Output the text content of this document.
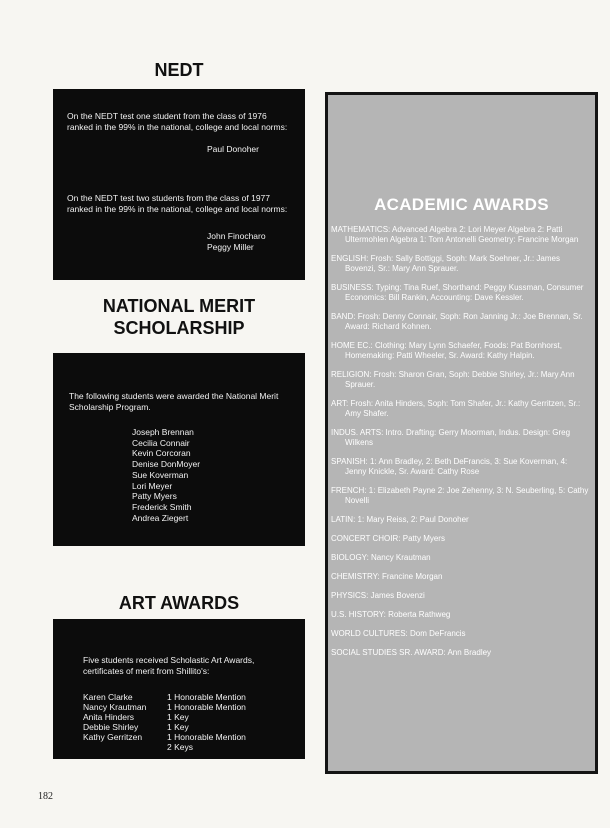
NEDT

On the NEDT test one student from the class of 1976 ranked in the 99% in the national, college and local norms:

Paul Donoher

On the NEDT test two students from the class of 1977 ranked in the 99% in the national, college and local norms:

John Finocharo
Peggy Miller
NATIONAL MERIT
SCHOLARSHIP

The following students were awarded the National Merit Scholarship Program.

Joseph Brennan
Cecilia Connair
Kevin Corcoran
Denise DonMoyer
Sue Koverman
Lori Meyer
Patty Myers
Frederick Smith
Andrea Ziegert
ART AWARDS

Five students received Scholastic Art Awards, certificates of merit from Shillito's:

Karen Clarke	1 Honorable Mention
Nancy Krautman	1 Honorable Mention
Anita Hinders	1 Key
Debbie Shirley	1 Key
Kathy Gerritzen	1 Honorable Mention
	2 Keys
ACADEMIC AWARDS
MATHEMATICS: Advanced Algebra 2: Lori Meyer Algebra 2: Patti Ultermohlen Algebra 1: Tom Antonelli Geometry: Francine Morgan
ENGLISH: Frosh: Sally Bottiggi, Soph: Mark Soehner, Jr.: James Bovenzi, Sr.: Mary Ann Sprauer.
BUSINESS: Typing: Tina Ruef, Shorthand: Peggy Kussman, Consumer Economics: Bill Rankin, Accounting: Dave Kessler.
BAND: Frosh: Denny Connair, Soph: Ron Janning Jr.: Joe Brennan, Sr. Award: Richard Kohnen.
HOME EC.: Clothing: Mary Lynn Schaefer, Foods: Pat Bornhorst, Homemaking: Patti Wheeler, Sr. Award: Kathy Halpin.
RELIGION: Frosh: Sharon Gran, Soph: Debbie Shirley, Jr.: Mary Ann Sprauer.
ART: Frosh: Anita Hinders, Soph: Tom Shafer, Jr.: Kathy Gerritzen, Sr.: Amy Shafer.
INDUS. ARTS: Intro. Drafting: Gerry Moorman, Indus. Design: Greg Wilkens
SPANISH: 1: Ann Bradley, 2: Beth DeFrancis, 3: Sue Koverman, 4: Jenny Knickle, Sr. Award: Cathy Rose
FRENCH: 1: Elizabeth Payne 2: Joe Zehenny, 3: N. Seuberling, 5: Cathy Novelli
LATIN: 1: Mary Reiss, 2: Paul Donoher
CONCERT CHOIR: Patty Myers
BIOLOGY: Nancy Krautman
CHEMISTRY: Francine Morgan
PHYSICS: James Bovenzi
U.S. HISTORY: Roberta Rathweg
WORLD CULTURES: Dom DeFrancis
SOCIAL STUDIES SR. AWARD: Ann Bradley
182
